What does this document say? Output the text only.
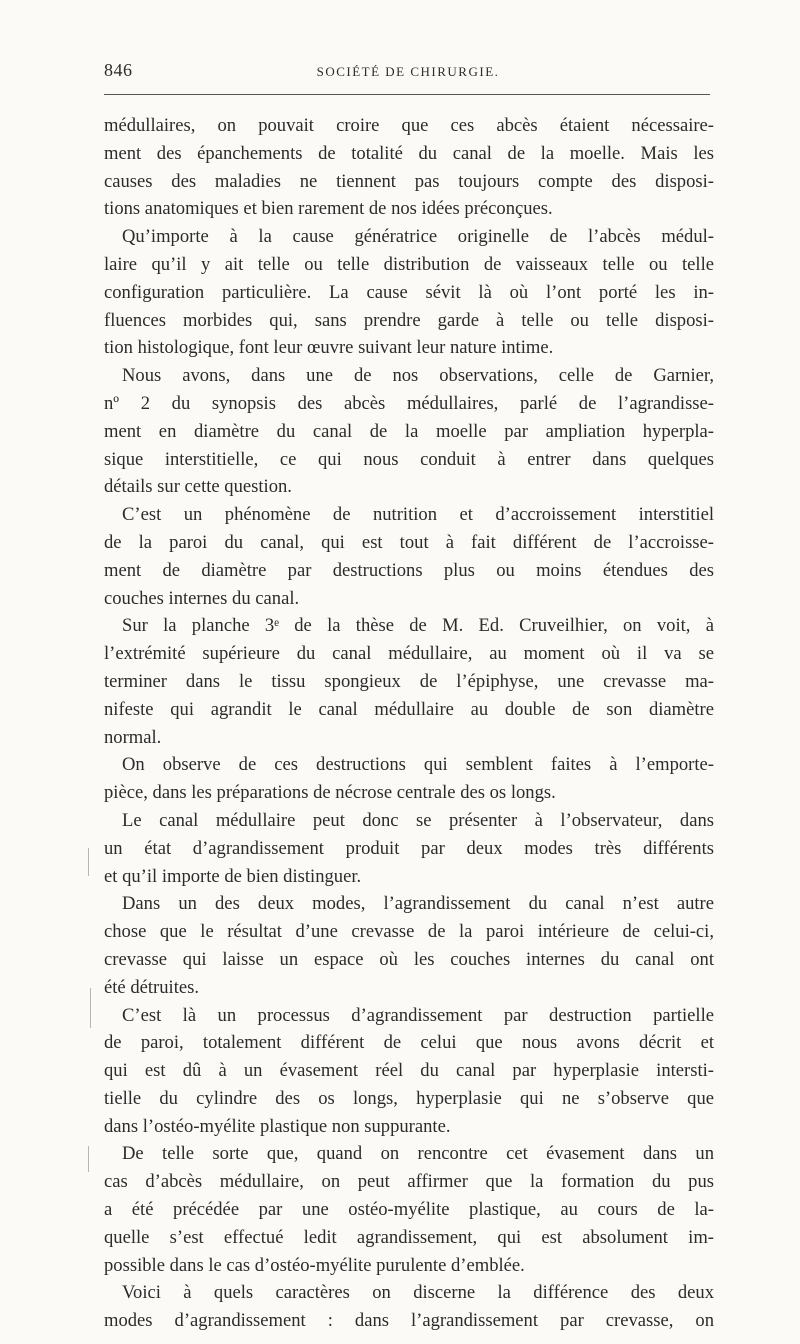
846	SOCIÉTÉ DE CHIRURGIE.
médullaires, on pouvait croire que ces abcès étaient nécessaire-
ment des épanchements de totalité du canal de la moelle. Mais les
causes des maladies ne tiennent pas toujours compte des disposi-
tions anatomiques et bien rarement de nos idées préconçues.
Qu’importe à la cause génératrice originelle de l’abcès médul-
laire qu’il y ait telle ou telle distribution de vaisseaux telle ou telle
configuration particulière. La cause sévit là où l’ont porté les in-
fluences morbides qui, sans prendre garde à telle ou telle disposi-
tion histologique, font leur œuvre suivant leur nature intime.
Nous avons, dans une de nos observations, celle de Garnier,
nº 2 du synopsis des abcès médullaires, parlé de l’agrandisse-
ment en diamètre du canal de la moelle par ampliation hyperpla-
sique interstitielle, ce qui nous conduit à entrer dans quelques
détails sur cette question.
C’est un phénomène de nutrition et d’accroissement interstitiel
de la paroi du canal, qui est tout à fait différent de l’accroisse-
ment de diamètre par destructions plus ou moins étendues des
couches internes du canal.
Sur la planche 3ᵉ de la thèse de M. Ed. Cruveilhier, on voit, à
l’extrémité supérieure du canal médullaire, au moment où il va se
terminer dans le tissu spongieux de l’épiphyse, une crevasse ma-
nifeste qui agrandit le canal médullaire au double de son diamètre
normal.
On observe de ces destructions qui semblent faites à l’emporte-
pièce, dans les préparations de nécrose centrale des os longs.
Le canal médullaire peut donc se présenter à l’observateur, dans
un état d’agrandissement produit par deux modes très différents
et qu’il importe de bien distinguer.
Dans un des deux modes, l’agrandissement du canal n’est autre
chose que le résultat d’une crevasse de la paroi intérieure de celui-ci,
crevasse qui laisse un espace où les couches internes du canal ont
été détruites.
C’est là un processus d’agrandissement par destruction partielle
de paroi, totalement différent de celui que nous avons décrit et
qui est dû à un évasement réel du canal par hyperplasie intersti-
tielle du cylindre des os longs, hyperplasie qui ne s’observe que
dans l’ostéo-myélite plastique non suppurante.
De telle sorte que, quand on rencontre cet évasement dans un
cas d’abcès médullaire, on peut affirmer que la formation du pus
a été précédée par une ostéo-myélite plastique, au cours de la-
quelle s’est effectué ledit agrandissement, qui est absolument im-
possible dans le cas d’ostéo-myélite purulente d’emblée.
Voici à quels caractères on discerne la différence des deux
modes d’agrandissement : dans l’agrandissement par crevasse, on
